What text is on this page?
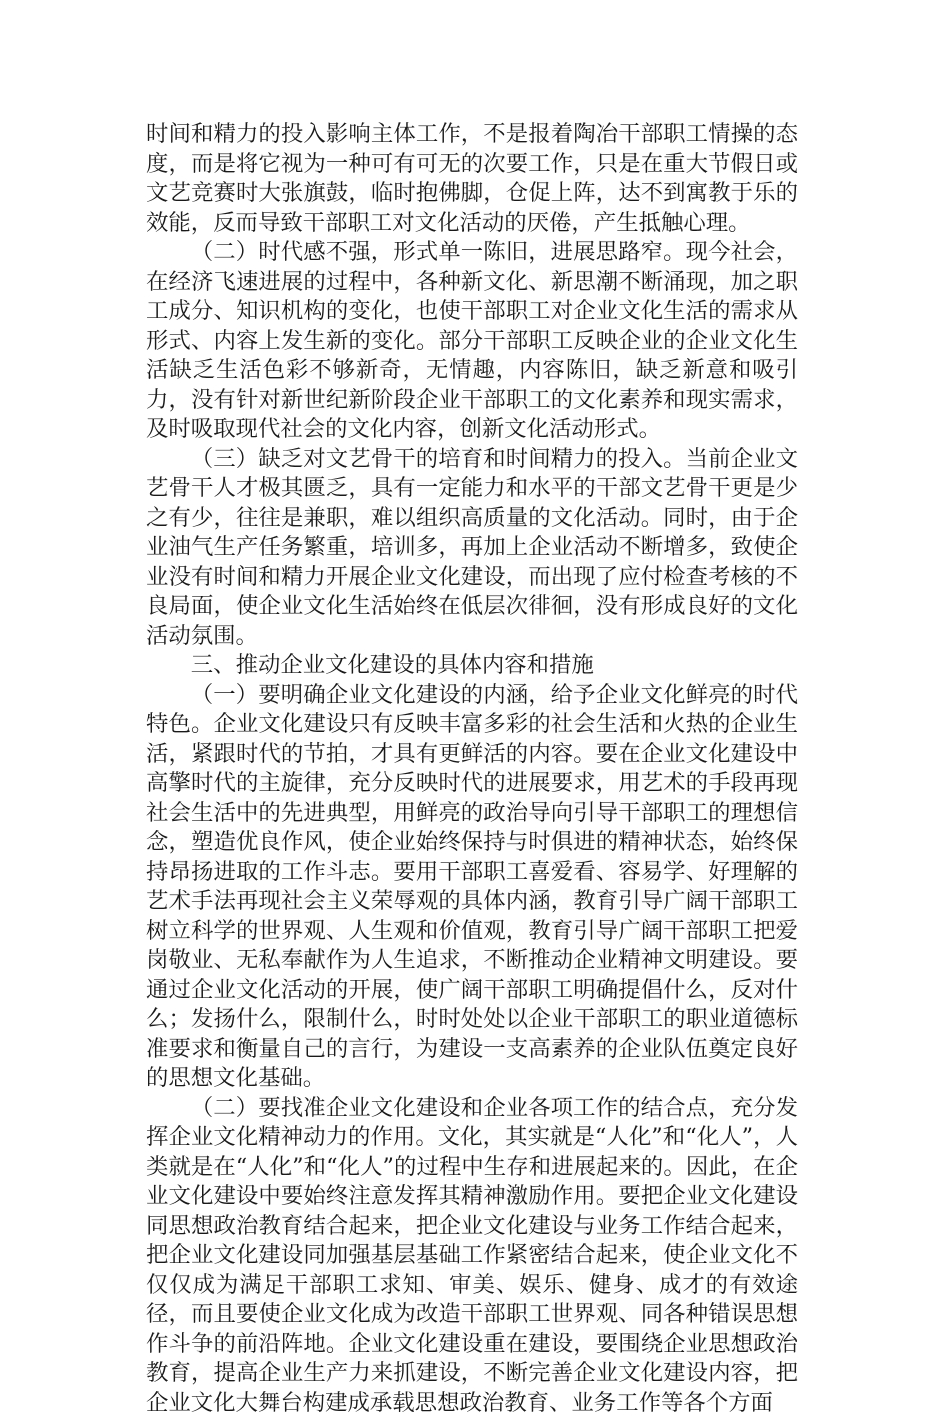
时间和精力的投入影响主体工作，不是报着陶冶干部职工情操的态度，而是将它视为一种可有可无的次要工作，只是在重大节假日或文艺竞赛时大张旗鼓，临时抱佛脚，仓促上阵，达不到寓教于乐的效能，反而导致干部职工对文化活动的厌倦，产生抵触心理。

（二）时代感不强，形式单一陈旧，进展思路窄。现今社会，在经济飞速进展的过程中，各种新文化、新思潮不断涌现，加之职工成分、知识机构的变化，也使干部职工对企业文化生活的需求从形式、内容上发生新的变化。部分干部职工反映企业的企业文化生活缺乏生活色彩不够新奇，无情趣，内容陈旧，缺乏新意和吸引力，没有针对新世纪新阶段企业干部职工的文化素养和现实需求，及时吸取现代社会的文化内容，创新文化活动形式。

（三）缺乏对文艺骨干的培育和时间精力的投入。当前企业文艺骨干人才极其匮乏，具有一定能力和水平的干部文艺骨干更是少之有少，往往是兼职，难以组织高质量的文化活动。同时，由于企业油气生产任务繁重，培训多，再加上企业活动不断增多，致使企业没有时间和精力开展企业文化建设，而出现了应付检查考核的不良局面，使企业文化生活始终在低层次徘徊，没有形成良好的文化活动氛围。

三、推动企业文化建设的具体内容和措施

（一）要明确企业文化建设的内涵，给予企业文化鲜亮的时代特色。企业文化建设只有反映丰富多彩的社会生活和火热的企业生活，紧跟时代的节拍，才具有更鲜活的内容。要在企业文化建设中高擎时代的主旋律，充分反映时代的进展要求，用艺术的手段再现社会生活中的先进典型，用鲜亮的政治导向引导干部职工的理想信念，塑造优良作风，使企业始终保持与时俱进的精神状态，始终保持昂扬进取的工作斗志。要用干部职工喜爱看、容易学、好理解的艺术手法再现社会主义荣辱观的具体内涵，教育引导广阔干部职工树立科学的世界观、人生观和价值观，教育引导广阔干部职工把爱岗敬业、无私奉献作为人生追求，不断推动企业精神文明建设。要通过企业文化活动的开展，使广阔干部职工明确提倡什么，反对什么；发扬什么，限制什么，时时处处以企业干部职工的职业道德标准要求和衡量自己的言行，为建设一支高素养的企业队伍奠定良好的思想文化基础。

（二）要找准企业文化建设和企业各项工作的结合点，充分发挥企业文化精神动力的作用。文化，其实就是“人化”和“化人”，人类就是在“人化”和“化人”的过程中生存和进展起来的。因此，在企业文化建设中要始终注意发挥其精神激励作用。要把企业文化建设同思想政治教育结合起来，把企业文化建设与业务工作结合起来，把企业文化建设同加强基层基础工作紧密结合起来，使企业文化不仅仅成为满足干部职工求知、审美、娱乐、健身、成才的有效途径，而且要使企业文化成为改造干部职工世界观、同各种错误思想作斗争的前沿阵地。企业文化建设重在建设，要围绕企业思想政治教育，提高企业生产力来抓建设，不断完善企业文化建设内容，把企业文化大舞台构建成承载思想政治教育、业务工作等各个方面
